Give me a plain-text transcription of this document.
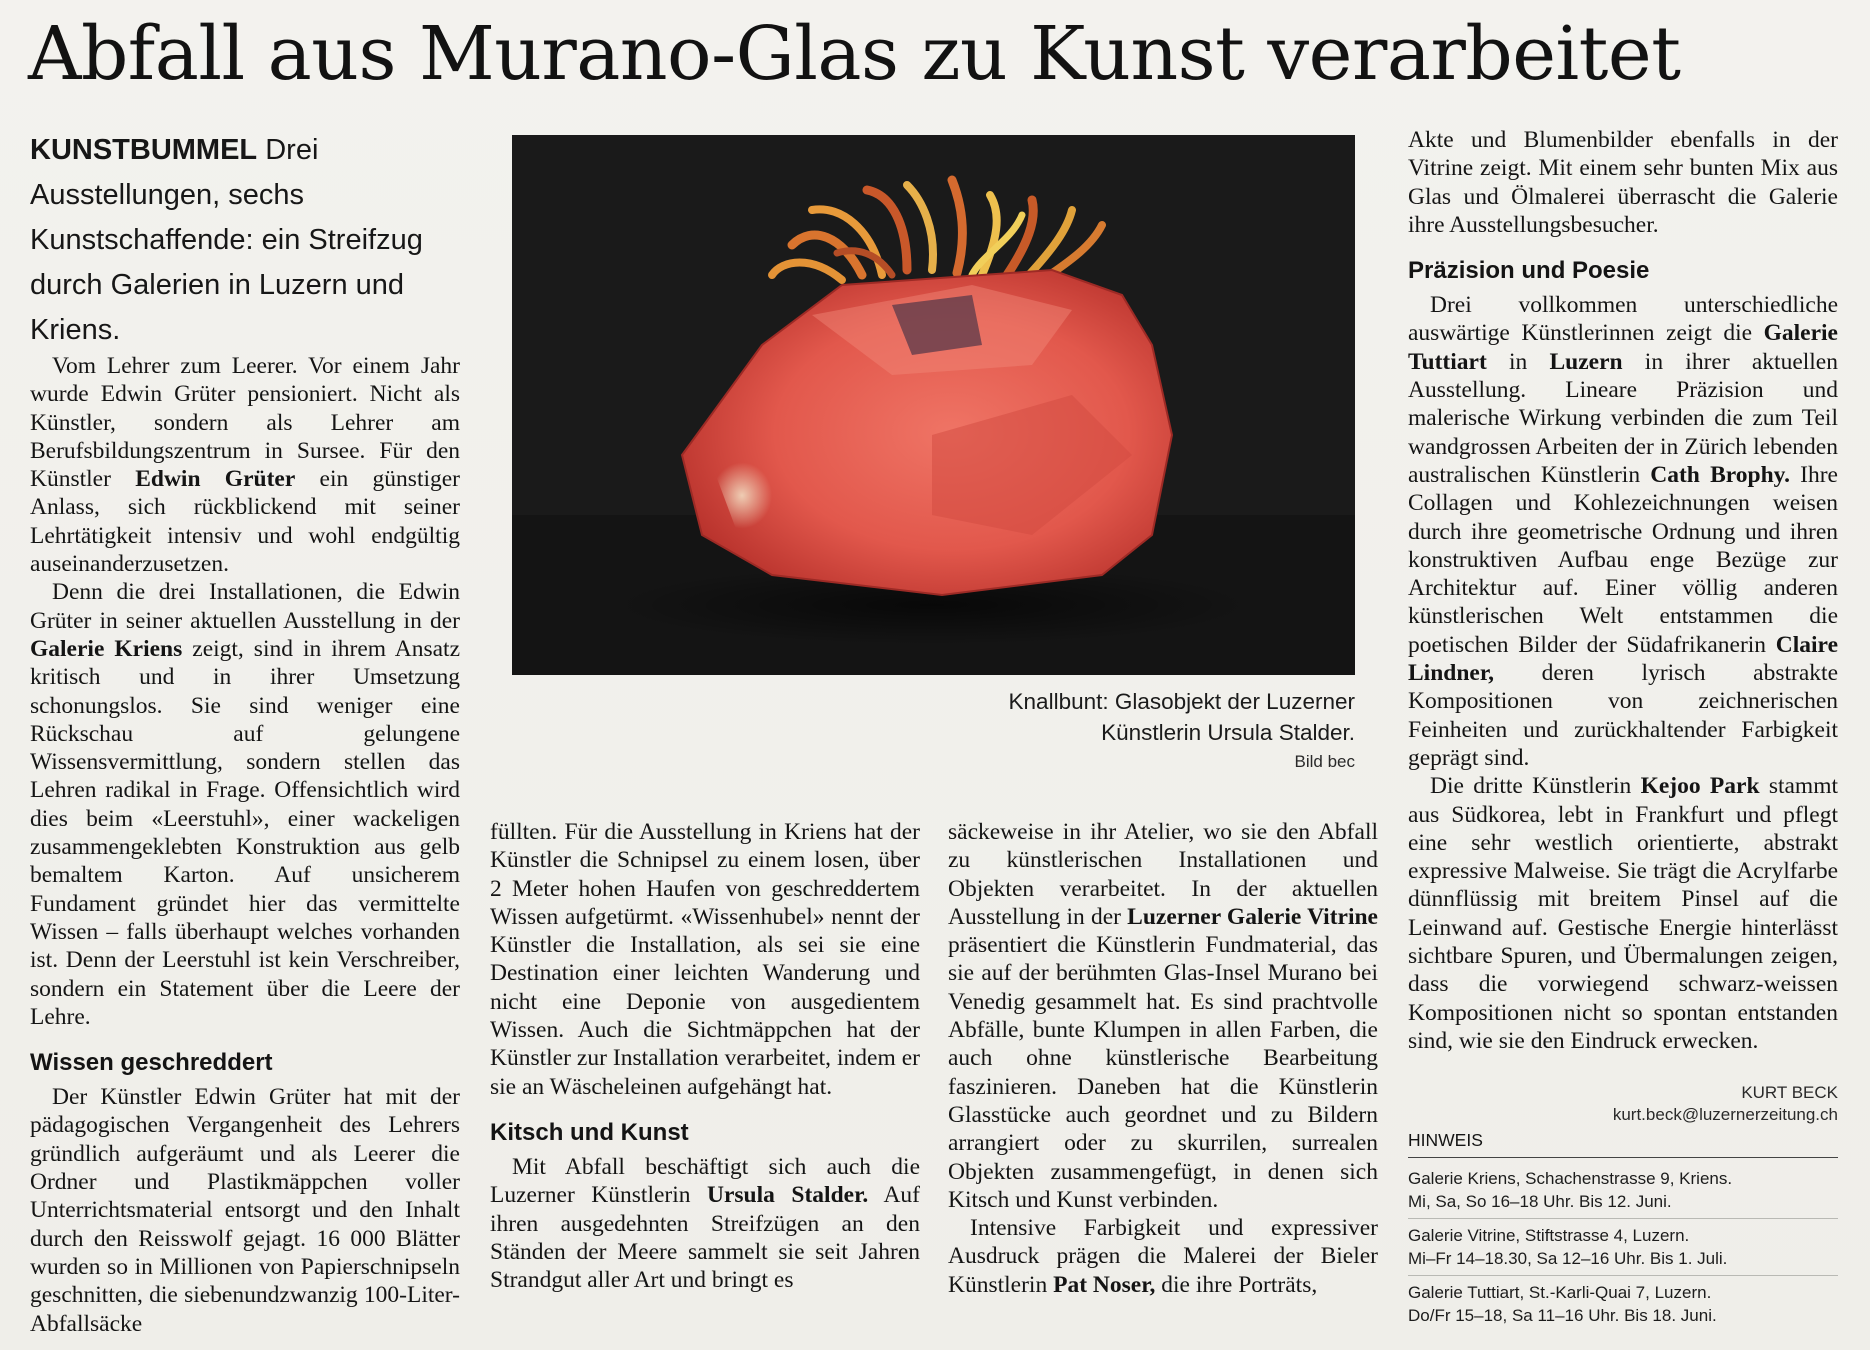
Abfall aus Murano-Glas zu Kunst verarbeitet
KUNSTBUMMEL Drei Ausstellungen, sechs Kunstschaffende: ein Streifzug durch Galerien in Luzern und Kriens.

Vom Lehrer zum Leerer. Vor einem Jahr wurde Edwin Grüter pensioniert. Nicht als Künstler, sondern als Lehrer am Berufsbildungszentrum in Sursee. Für den Künstler Edwin Grüter ein günstiger Anlass, sich rückblickend mit seiner Lehrtätigkeit intensiv und wohl endgültig auseinanderzusetzen.

Denn die drei Installationen, die Edwin Grüter in seiner aktuellen Ausstellung in der Galerie Kriens zeigt, sind in ihrem Ansatz kritisch und in ihrer Umsetzung schonungslos. Sie sind weniger eine Rückschau auf gelungene Wissensvermittlung, sondern stellen das Lehren radikal in Frage. Offensichtlich wird dies beim «Leerstuhl», einer wackeligen zusammengeklebten Konstruktion aus gelb bemaltem Karton. Auf unsicherem Fundament gründet hier das vermittelte Wissen – falls überhaupt welches vorhanden ist. Denn der Leerstuhl ist kein Verschreiber, sondern ein Statement über die Leere der Lehre.

Wissen geschreddert

Der Künstler Edwin Grüter hat mit der pädagogischen Vergangenheit des Lehrers gründlich aufgeräumt und als Leerer die Ordner und Plastikmäppchen voller Unterrichtsmaterial entsorgt und den Inhalt durch den Reisswolf gejagt. 16 000 Blätter wurden so in Millionen von Papierschnipseln geschnitten, die siebenundzwanzig 100-Liter-Abfallsäcke

Knallbunt: Glasobjekt der Luzerner
Künstlerin Ursula Stalder.
Bild bec

füllten. Für die Ausstellung in Kriens hat der Künstler die Schnipsel zu einem losen, über 2 Meter hohen Haufen von geschreddertem Wissen aufgetürmt. «Wissenhubel» nennt der Künstler die Installation, als sei sie eine Destination einer leichten Wanderung und nicht eine Deponie von ausgedientem Wissen. Auch die Sichtmäppchen hat der Künstler zur Installation verarbeitet, indem er sie an Wäscheleinen aufgehängt hat.

Kitsch und Kunst

Mit Abfall beschäftigt sich auch die Luzerner Künstlerin Ursula Stalder. Auf ihren ausgedehnten Streifzügen an den Ständen der Meere sammelt sie seit Jahren Strandgut aller Art und bringt es

säckeweise in ihr Atelier, wo sie den Abfall zu künstlerischen Installationen und Objekten verarbeitet. In der aktuellen Ausstellung in der Luzerner Galerie Vitrine präsentiert die Künstlerin Fundmaterial, das sie auf der berühmten Glas-Insel Murano bei Venedig gesammelt hat. Es sind prachtvolle Abfälle, bunte Klumpen in allen Farben, die auch ohne künstlerische Bearbeitung faszinieren. Daneben hat die Künstlerin Glasstücke auch geordnet und zu Bildern arrangiert oder zu skurrilen, surrealen Objekten zusammengefügt, in denen sich Kitsch und Kunst verbinden.

Intensive Farbigkeit und expressiver Ausdruck prägen die Malerei der Bieler Künstlerin Pat Noser, die ihre Porträts,

Akte und Blumenbilder ebenfalls in der Vitrine zeigt. Mit einem sehr bunten Mix aus Glas und Ölmalerei überrascht die Galerie ihre Ausstellungsbesucher.

Präzision und Poesie

Drei vollkommen unterschiedliche auswärtige Künstlerinnen zeigt die Galerie Tuttiart in Luzern in ihrer aktuellen Ausstellung. Lineare Präzision und malerische Wirkung verbinden die zum Teil wandgrossen Arbeiten der in Zürich lebenden australischen Künstlerin Cath Brophy. Ihre Collagen und Kohlezeichnungen weisen durch ihre geometrische Ordnung und ihren konstruktiven Aufbau enge Bezüge zur Architektur auf. Einer völlig anderen künstlerischen Welt entstammen die poetischen Bilder der Südafrikanerin Claire Lindner, deren lyrisch abstrakte Kompositionen von zeichnerischen Feinheiten und zurückhaltender Farbigkeit geprägt sind.

Die dritte Künstlerin Kejoo Park stammt aus Südkorea, lebt in Frankfurt und pflegt eine sehr westlich orientierte, abstrakt expressive Malweise. Sie trägt die Acrylfarbe dünnflüssig mit breitem Pinsel auf die Leinwand auf. Gestische Energie hinterlässt sichtbare Spuren, und Übermalungen zeigen, dass die vorwiegend schwarz-weissen Kompositionen nicht so spontan entstanden sind, wie sie den Eindruck erwecken.

KURT BECK
kurt.beck@luzernerzeitung.ch
HINWEIS
Galerie Kriens, Schachenstrasse 9, Kriens.
Mi, Sa, So 16–18 Uhr. Bis 12. Juni.
Galerie Vitrine, Stiftstrasse 4, Luzern.
Mi–Fr 14–18.30, Sa 12–16 Uhr. Bis 1. Juli.
Galerie Tuttiart, St.-Karli-Quai 7, Luzern.
Do/Fr 15–18, Sa 11–16 Uhr. Bis 18. Juni.
